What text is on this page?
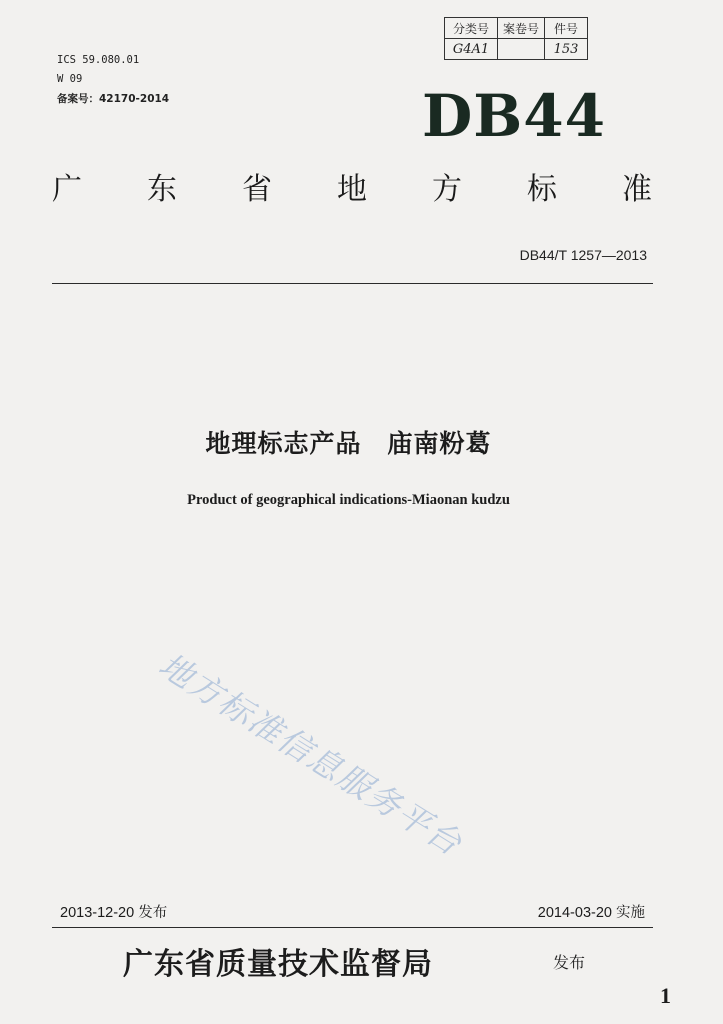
分类号	案卷号	件号
G4A1		153
ICS 59.080.01
W 09
备案号：42170-2014	DB44
广 东 省 地 方 标 准
DB44/T 1257—2013
地理标志产品　庙南粉葛
Product of geographical indications-Miaonan kudzu
地方标准信息服务平台
2013-12-20 发布	2014-03-20 实施
广东省质量技术监督局	发布
1
